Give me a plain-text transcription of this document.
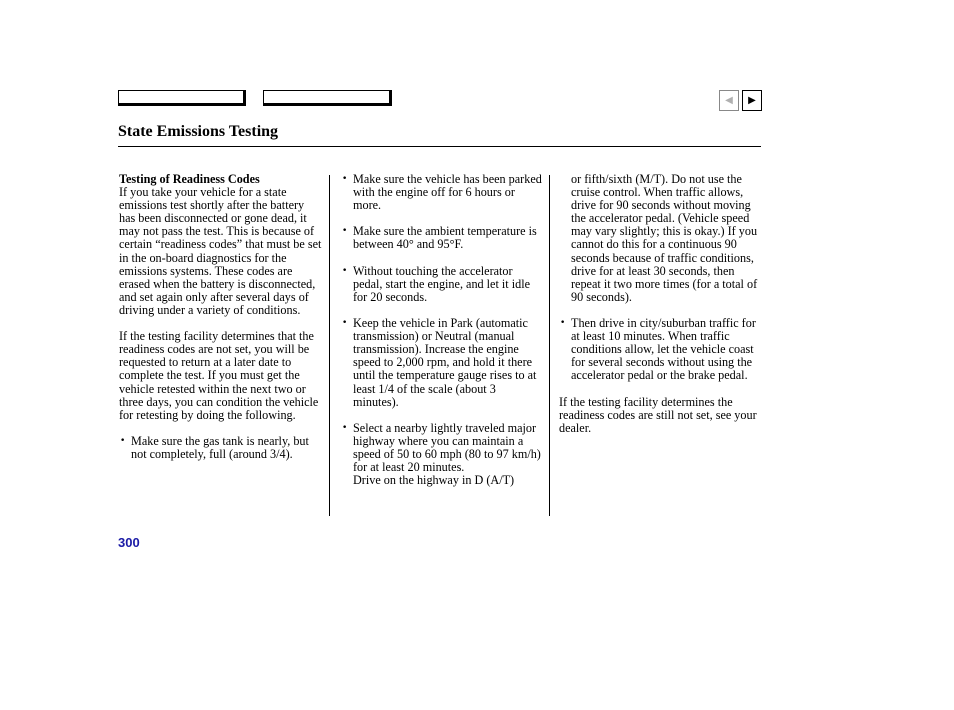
◀ ▶
State Emissions Testing

Testing of Readiness Codes

If you take your vehicle for a state emissions test shortly after the battery has been disconnected or gone dead, it may not pass the test. This is because of certain “readiness codes” that must be set in the on-board diagnostics for the emissions systems. These codes are erased when the battery is disconnected, and set again only after several days of driving under a variety of conditions.

If the testing facility determines that the readiness codes are not set, you will be requested to return at a later date to complete the test. If you must get the vehicle retested within the next two or three days, you can condition the vehicle for retesting by doing the following.

• Make sure the gas tank is nearly, but not completely, full (around 3/4).

• Make sure the vehicle has been parked with the engine off for 6 hours or more.

• Make sure the ambient temperature is between 40° and 95°F.

• Without touching the accelerator pedal, start the engine, and let it idle for 20 seconds.

• Keep the vehicle in Park (automatic transmission) or Neutral (manual transmission). Increase the engine speed to 2,000 rpm, and hold it there until the temperature gauge rises to at least 1/4 of the scale (about 3 minutes).

• Select a nearby lightly traveled major highway where you can maintain a speed of 50 to 60 mph (80 to 97 km/h) for at least 20 minutes.

Drive on the highway in D (A/T)

or fifth/sixth (M/T). Do not use the cruise control. When traffic allows, drive for 90 seconds without moving the accelerator pedal. (Vehicle speed may vary slightly; this is okay.) If you cannot do this for a continuous 90 seconds because of traffic conditions, drive for at least 30 seconds, then repeat it two more times (for a total of 90 seconds).

• Then drive in city/suburban traffic for at least 10 minutes. When traffic conditions allow, let the vehicle coast for several seconds without using the accelerator pedal or the brake pedal.

If the testing facility determines the readiness codes are still not set, see your dealer.

300
